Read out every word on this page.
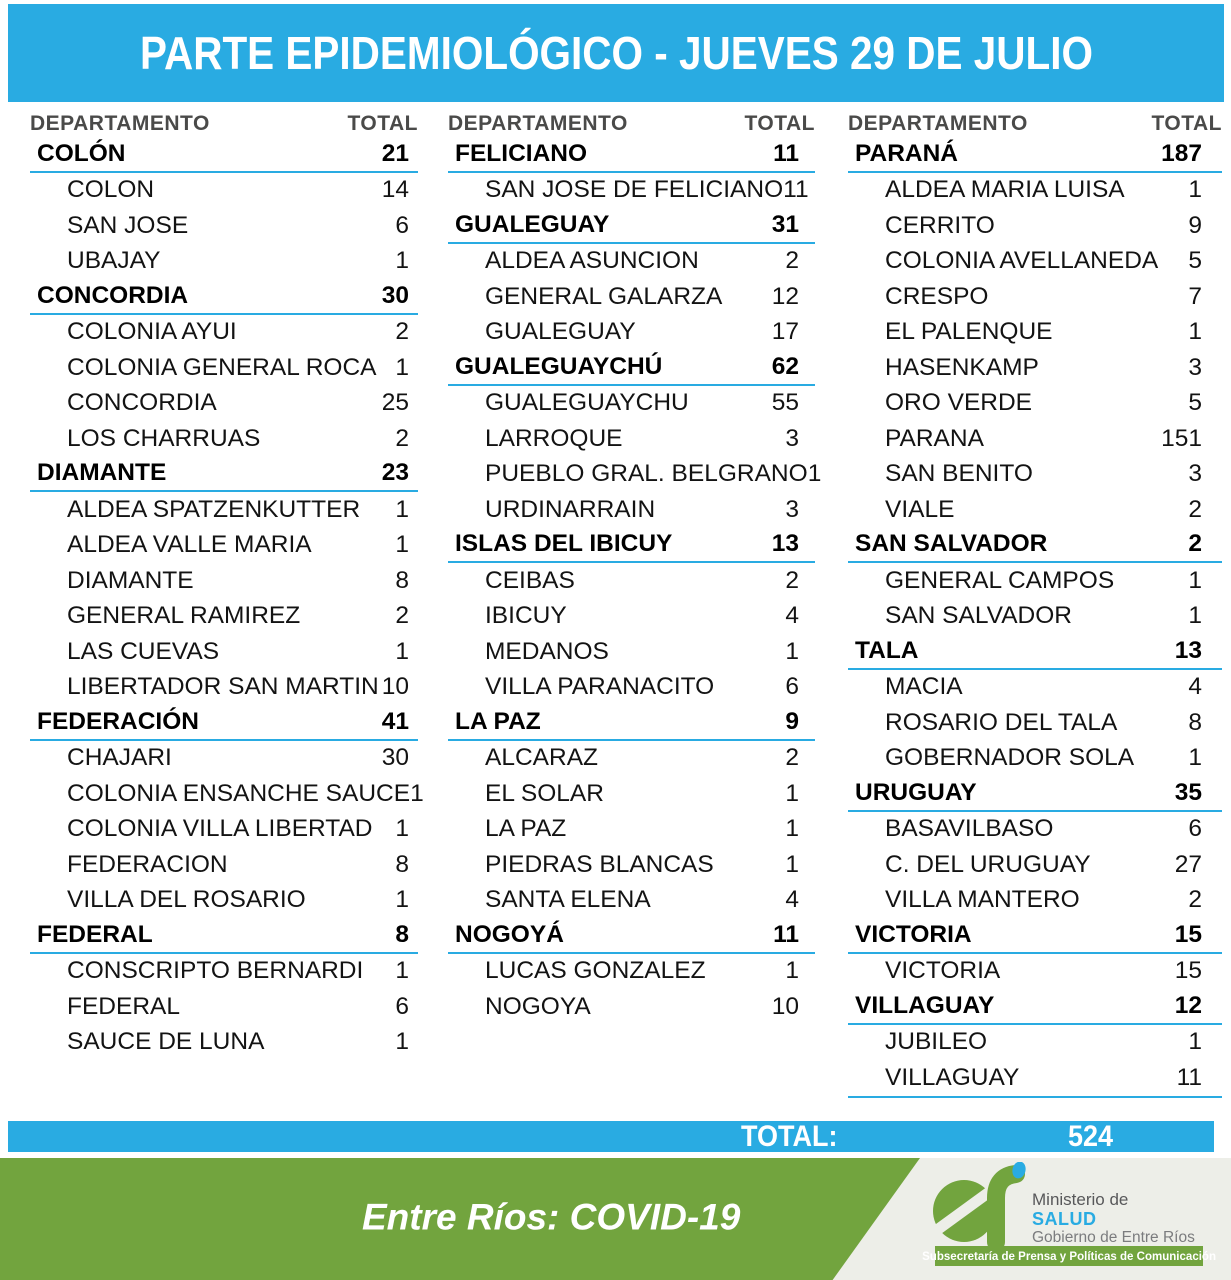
PARTE EPIDEMIOLÓGICO - JUEVES 29 DE JULIO
DEPARTAMENTO	TOTAL
COLÓN	21
COLON	14
SAN JOSE	6
UBAJAY	1
CONCORDIA	30
COLONIA AYUI	2
COLONIA GENERAL ROCA 1
CONCORDIA	25
LOS CHARRUAS	2
DIAMANTE	23
ALDEA SPATZENKUTTER 1
ALDEA VALLE MARIA	1
DIAMANTE	8
GENERAL RAMIREZ	2
LAS CUEVAS	1
LIBERTADOR SAN MARTIN 10
FEDERACIÓN	41
CHAJARI	30
COLONIA ENSANCHE SAUCE 1
COLONIA VILLA LIBERTAD 1
FEDERACION	8
VILLA DEL ROSARIO	1
FEDERAL	8
CONSCRIPTO BERNARDI 1
FEDERAL	6
SAUCE DE LUNA	1
DEPARTAMENTO	TOTAL
FELICIANO	11
SAN JOSE DE FELICIANO 11
GUALEGUAY	31
ALDEA ASUNCION	2
GENERAL GALARZA 12
GUALEGUAY	17
GUALEGUAYCHÚ	62
GUALEGUAYCHU	55
LARROQUE	3
PUEBLO GRAL. BELGRANO 1
URDINARRAIN	3
ISLAS DEL IBICUY	13
CEIBAS	2
IBICUY	4
MEDANOS	1
VILLA PARANACITO	6
LA PAZ	9
ALCARAZ	2
EL SOLAR	1
LA PAZ	1
PIEDRAS BLANCAS	1
SANTA ELENA	4
NOGOYÁ	11
LUCAS GONZALEZ	1
NOGOYA	10
DEPARTAMENTO	TOTAL
PARANÁ	187
ALDEA MARIA LUISA	1
CERRITO	9
COLONIA AVELLANEDA 5
CRESPO	7
EL PALENQUE	1
HASENKAMP	3
ORO VERDE	5
PARANA	151
SAN BENITO	3
VIALE	2
SAN SALVADOR	2
GENERAL CAMPOS	1
SAN SALVADOR	1
TALA	13
MACIA	4
ROSARIO DEL TALA	8
GOBERNADOR SOLA 1
URUGUAY	35
BASAVILBASO	6
C. DEL URUGUAY	27
VILLA MANTERO	2
VICTORIA	15
VICTORIA	15
VILLAGUAY	12
JUBILEO	1
VILLAGUAY	11
TOTAL:	524
Entre Ríos: COVID-19	Ministerio de
SALUD
Gobierno de Entre Ríos
Subsecretaría de Prensa y Políticas de Comunicación
